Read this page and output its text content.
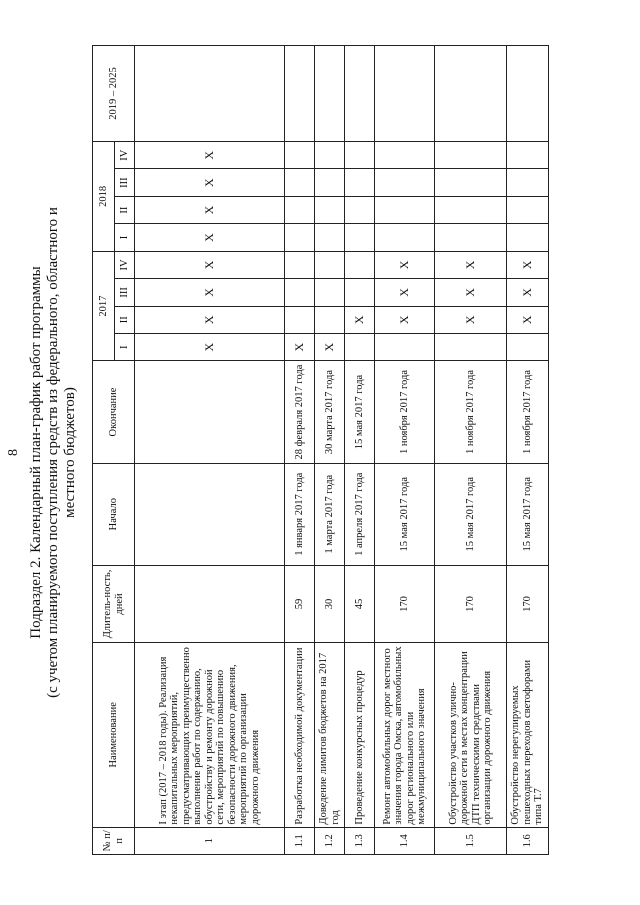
8 Подраздел 2. Календарный план-график работ программы (с учетом планируемого поступления средств из федерального, областного и местного бюджетов)
№ п/п	Наименование	Длитель-ность, дней	Начало	Окончание	2017				2018				2019 – 2025
					I	II	III	IV	I	II	III	IV	
1	I этап (2017 – 2018 годы). Реализация некапитальных мероприятий, предусматривающих преимущественно выполнение работ по содержанию, обустройству и ремонту дорожной сети, мероприятий по повышению безопасности дорожного движения, мероприятий по организации дорожного движения				Х	Х	Х	Х	Х	Х	Х	Х	
1.1	Разработка необходимой документации	59	1 января 2017 года	28 февраля 2017 года	Х								
1.2	Доведение лимитов бюджетов на 2017 год	30	1 марта 2017 года	30 марта 2017 года	Х								
1.3	Проведение конкурсных процедур	45	1 апреля 2017 года	15 мая 2017 года		Х							
1.4	Ремонт автомобильных дорог местного значения города Омска, автомобильных дорог регионального или межмуниципального значения	170	15 мая 2017 года	1 ноября 2017 года		Х	Х	Х					
1.5	Обустройство участков улично-дорожной сети в местах концентрации ДТП техническими средствами организации дорожного движения	170	15 мая 2017 года	1 ноября 2017 года		Х	Х	Х					
1.6	Обустройство нерегулируемых пешеходных переходов светофорами типа Т.7	170	15 мая 2017 года	1 ноября 2017 года		Х	Х	Х					
